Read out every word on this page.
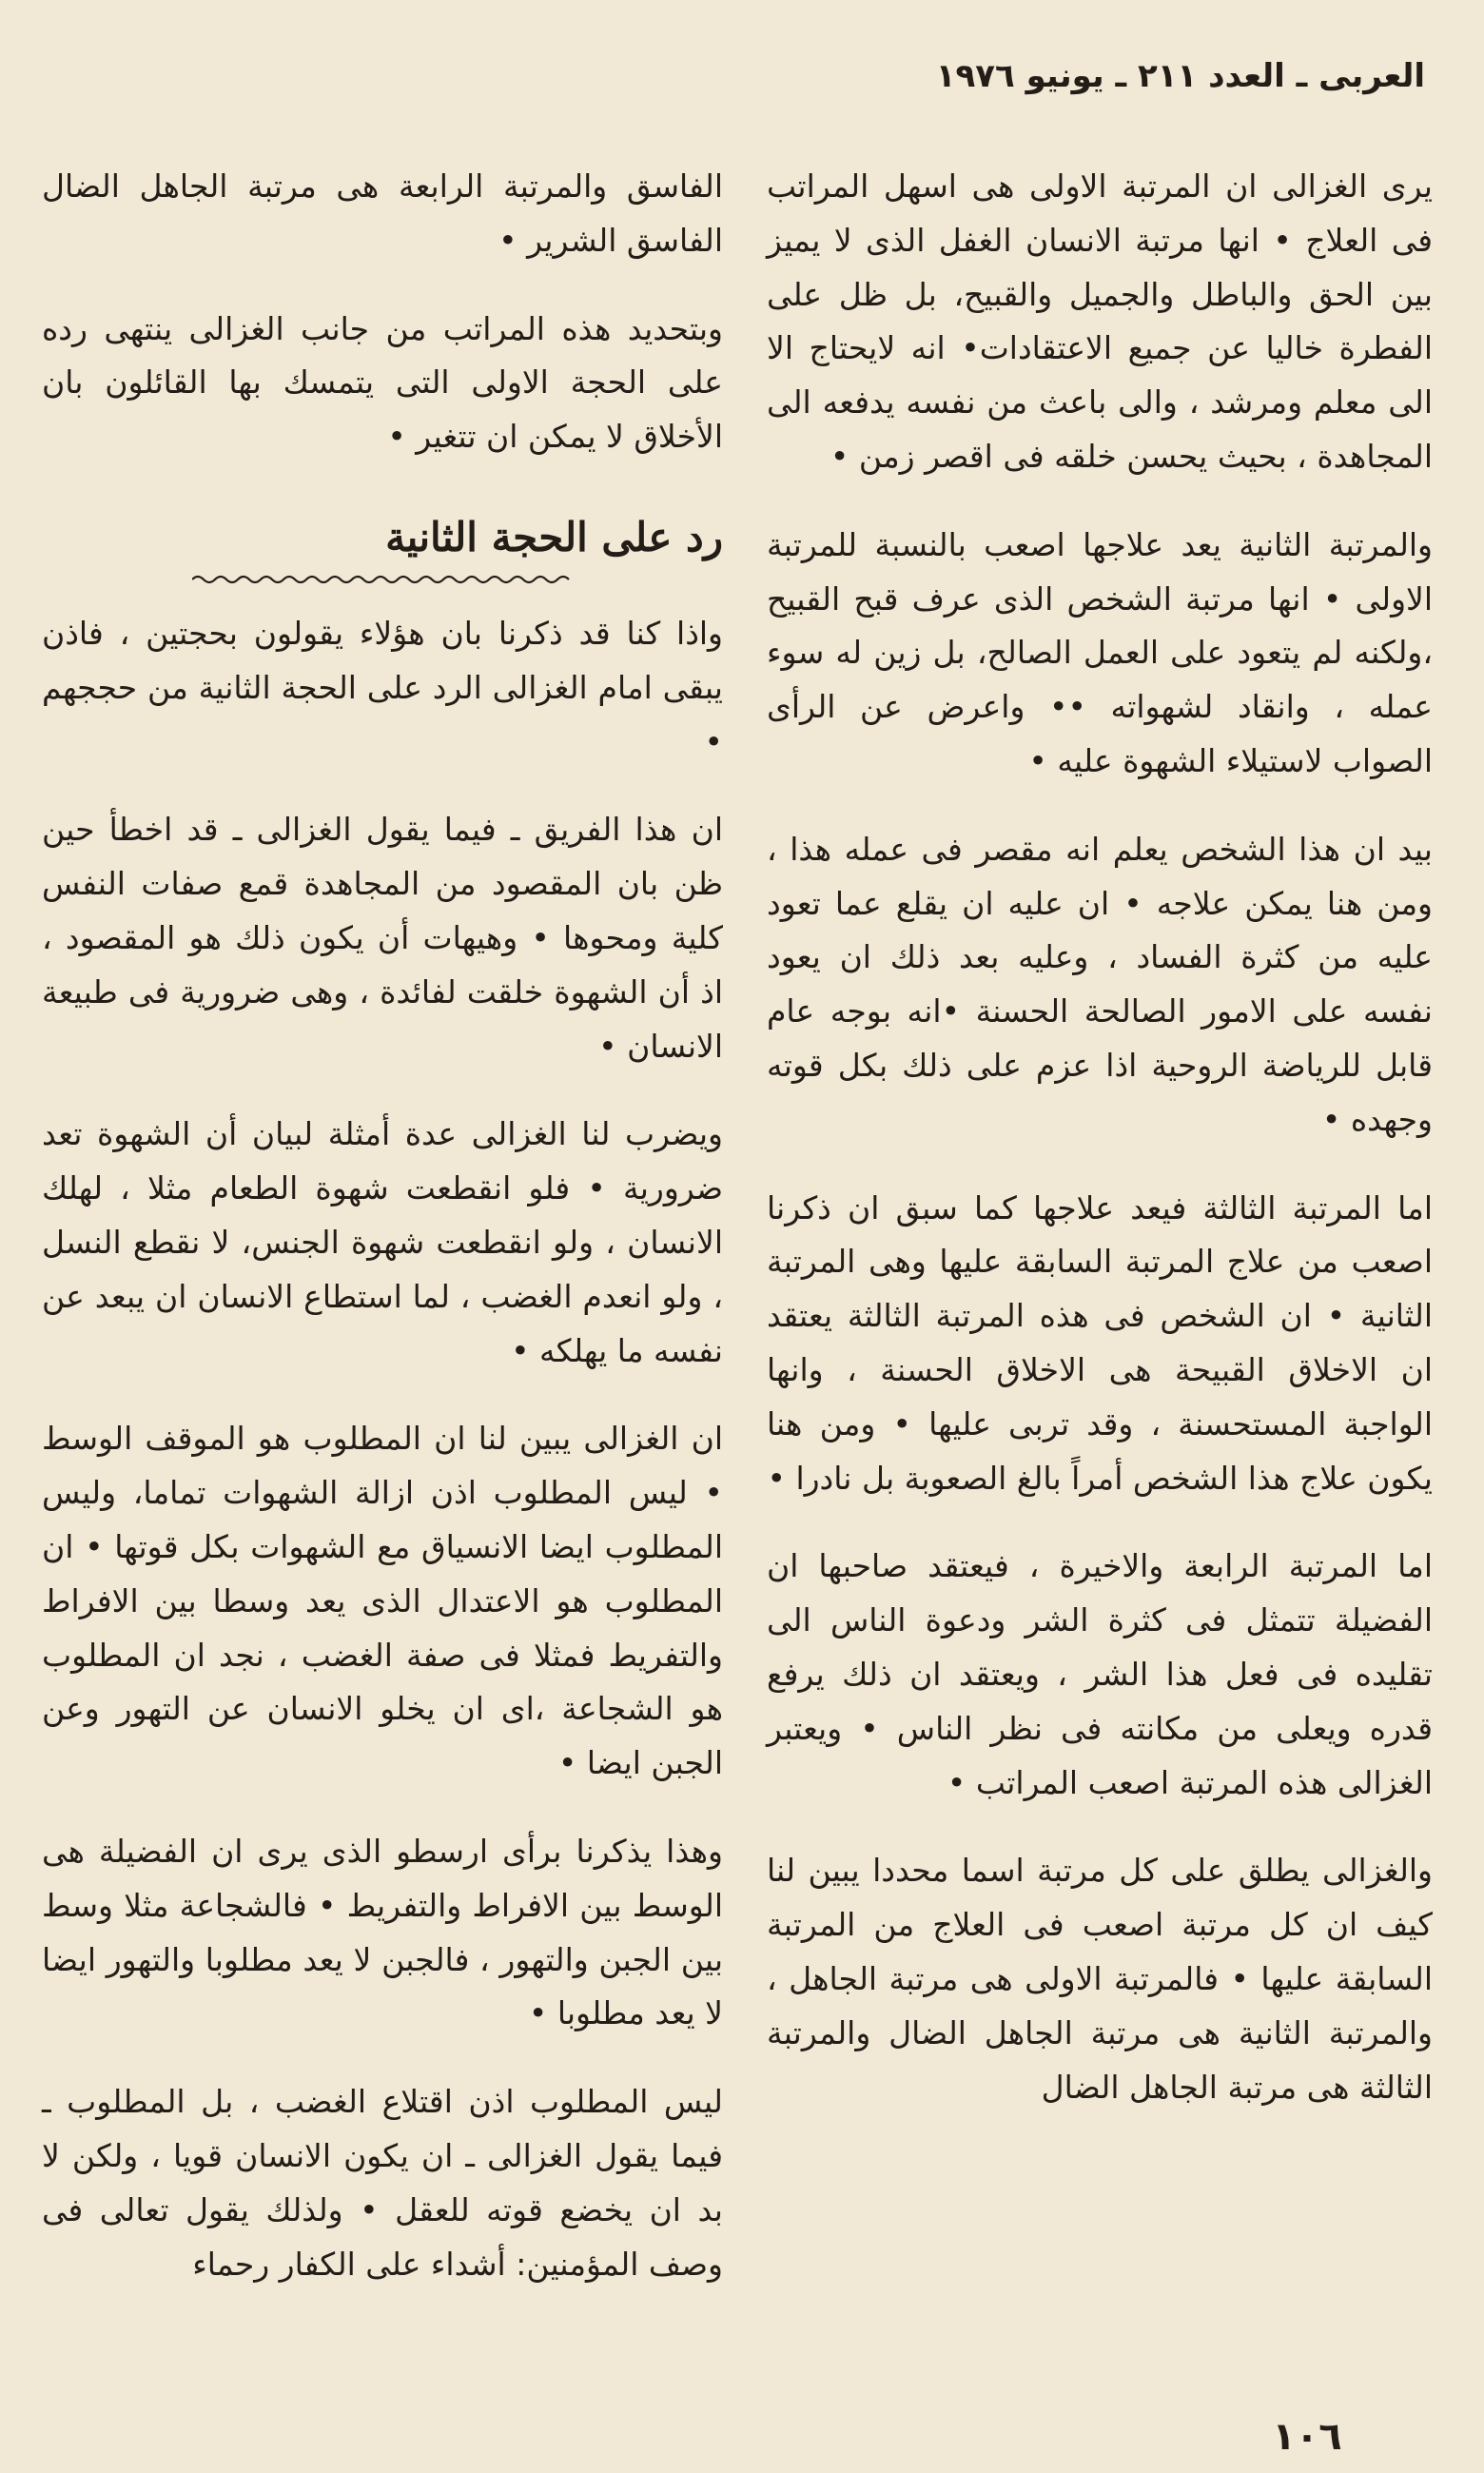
العربى ـ العدد ٢١١ ـ يونيو ١٩٧٦

يرى الغزالى ان المرتبة الاولى هى اسهل المراتب فى العلاج • انها مرتبة الانسان الغفل الذى لا يميز بين الحق والباطل والجميل والقبيح، بل ظل على الفطرة خاليا عن جميع الاعتقادات• انه لايحتاج الا الى معلم ومرشد ، والى باعث من نفسه يدفعه الى المجاهدة ، بحيث يحسن خلقه فى اقصر زمن •

والمرتبة الثانية يعد علاجها اصعب بالنسبة للمرتبة الاولى • انها مرتبة الشخص الذى عرف قبح القبيح ،ولكنه لم يتعود على العمل الصالح، بل زين له سوء عمله ، وانقاد لشهواته •• واعرض عن الرأى الصواب لاستيلاء الشهوة عليه •

بيد ان هذا الشخص يعلم انه مقصر فى عمله هذا ، ومن هنا يمكن علاجه • ان عليه ان يقلع عما تعود عليه من كثرة الفساد ، وعليه بعد ذلك ان يعود نفسه على الامور الصالحة الحسنة •انه بوجه عام قابل للرياضة الروحية اذا عزم على ذلك بكل قوته وجهده •

اما المرتبة الثالثة فيعد علاجها كما سبق ان ذكرنا اصعب من علاج المرتبة السابقة عليها وهى المرتبة الثانية • ان الشخص فى هذه المرتبة الثالثة يعتقد ان الاخلاق القبيحة هى الاخلاق الحسنة ، وانها الواجبة المستحسنة ، وقد تربى عليها • ومن هنا يكون علاج هذا الشخص أمراً بالغ الصعوبة بل نادرا •

اما المرتبة الرابعة والاخيرة ، فيعتقد صاحبها ان الفضيلة تتمثل فى كثرة الشر ودعوة الناس الى تقليده فى فعل هذا الشر ، ويعتقد ان ذلك يرفع قدره ويعلى من مكانته فى نظر الناس • ويعتبر الغزالى هذه المرتبة اصعب المراتب •

والغزالى يطلق على كل مرتبة اسما محددا يبين لنا كيف ان كل مرتبة اصعب فى العلاج من المرتبة السابقة عليها • فالمرتبة الاولى هى مرتبة الجاهل ، والمرتبة الثانية هى مرتبة الجاهل الضال والمرتبة الثالثة هى مرتبة الجاهل الضال

الفاسق والمرتبة الرابعة هى مرتبة الجاهل الضال الفاسق الشرير •

وبتحديد هذه المراتب من جانب الغزالى ينتهى رده على الحجة الاولى التى يتمسك بها القائلون بان الأخلاق لا يمكن ان تتغير •

رد على الحجة الثانية

واذا كنا قد ذكرنا بان هؤلاء يقولون بحجتين ، فاذن يبقى امام الغزالى الرد على الحجة الثانية من حججهم •

ان هذا الفريق ـ فيما يقول الغزالى ـ قد اخطأ حين ظن بان المقصود من المجاهدة قمع صفات النفس كلية ومحوها • وهيهات أن يكون ذلك هو المقصود ، اذ أن الشهوة خلقت لفائدة ، وهى ضرورية فى طبيعة الانسان •

ويضرب لنا الغزالى عدة أمثلة لبيان أن الشهوة تعد ضرورية • فلو انقطعت شهوة الطعام مثلا ، لهلك الانسان ، ولو انقطعت شهوة الجنس، لا نقطع النسل ، ولو انعدم الغضب ، لما استطاع الانسان ان يبعد عن نفسه ما يهلكه •

ان الغزالى يبين لنا ان المطلوب هو الموقف الوسط • ليس المطلوب اذن ازالة الشهوات تماما، وليس المطلوب ايضا الانسياق مع الشهوات بكل قوتها • ان المطلوب هو الاعتدال الذى يعد وسطا بين الافراط والتفريط فمثلا فى صفة الغضب ، نجد ان المطلوب هو الشجاعة ،اى ان يخلو الانسان عن التهور وعن الجبن ايضا •

وهذا يذكرنا برأى ارسطو الذى يرى ان الفضيلة هى الوسط بين الافراط والتفريط • فالشجاعة مثلا وسط بين الجبن والتهور ، فالجبن لا يعد مطلوبا والتهور ايضا لا يعد مطلوبا •

ليس المطلوب اذن اقتلاع الغضب ، بل المطلوب ـ فيما يقول الغزالى ـ ان يكون الانسان قويا ، ولكن لا بد ان يخضع قوته للعقل • ولذلك يقول تعالى فى وصف المؤمنين: أشداء على الكفار رحماء

١٠٦
